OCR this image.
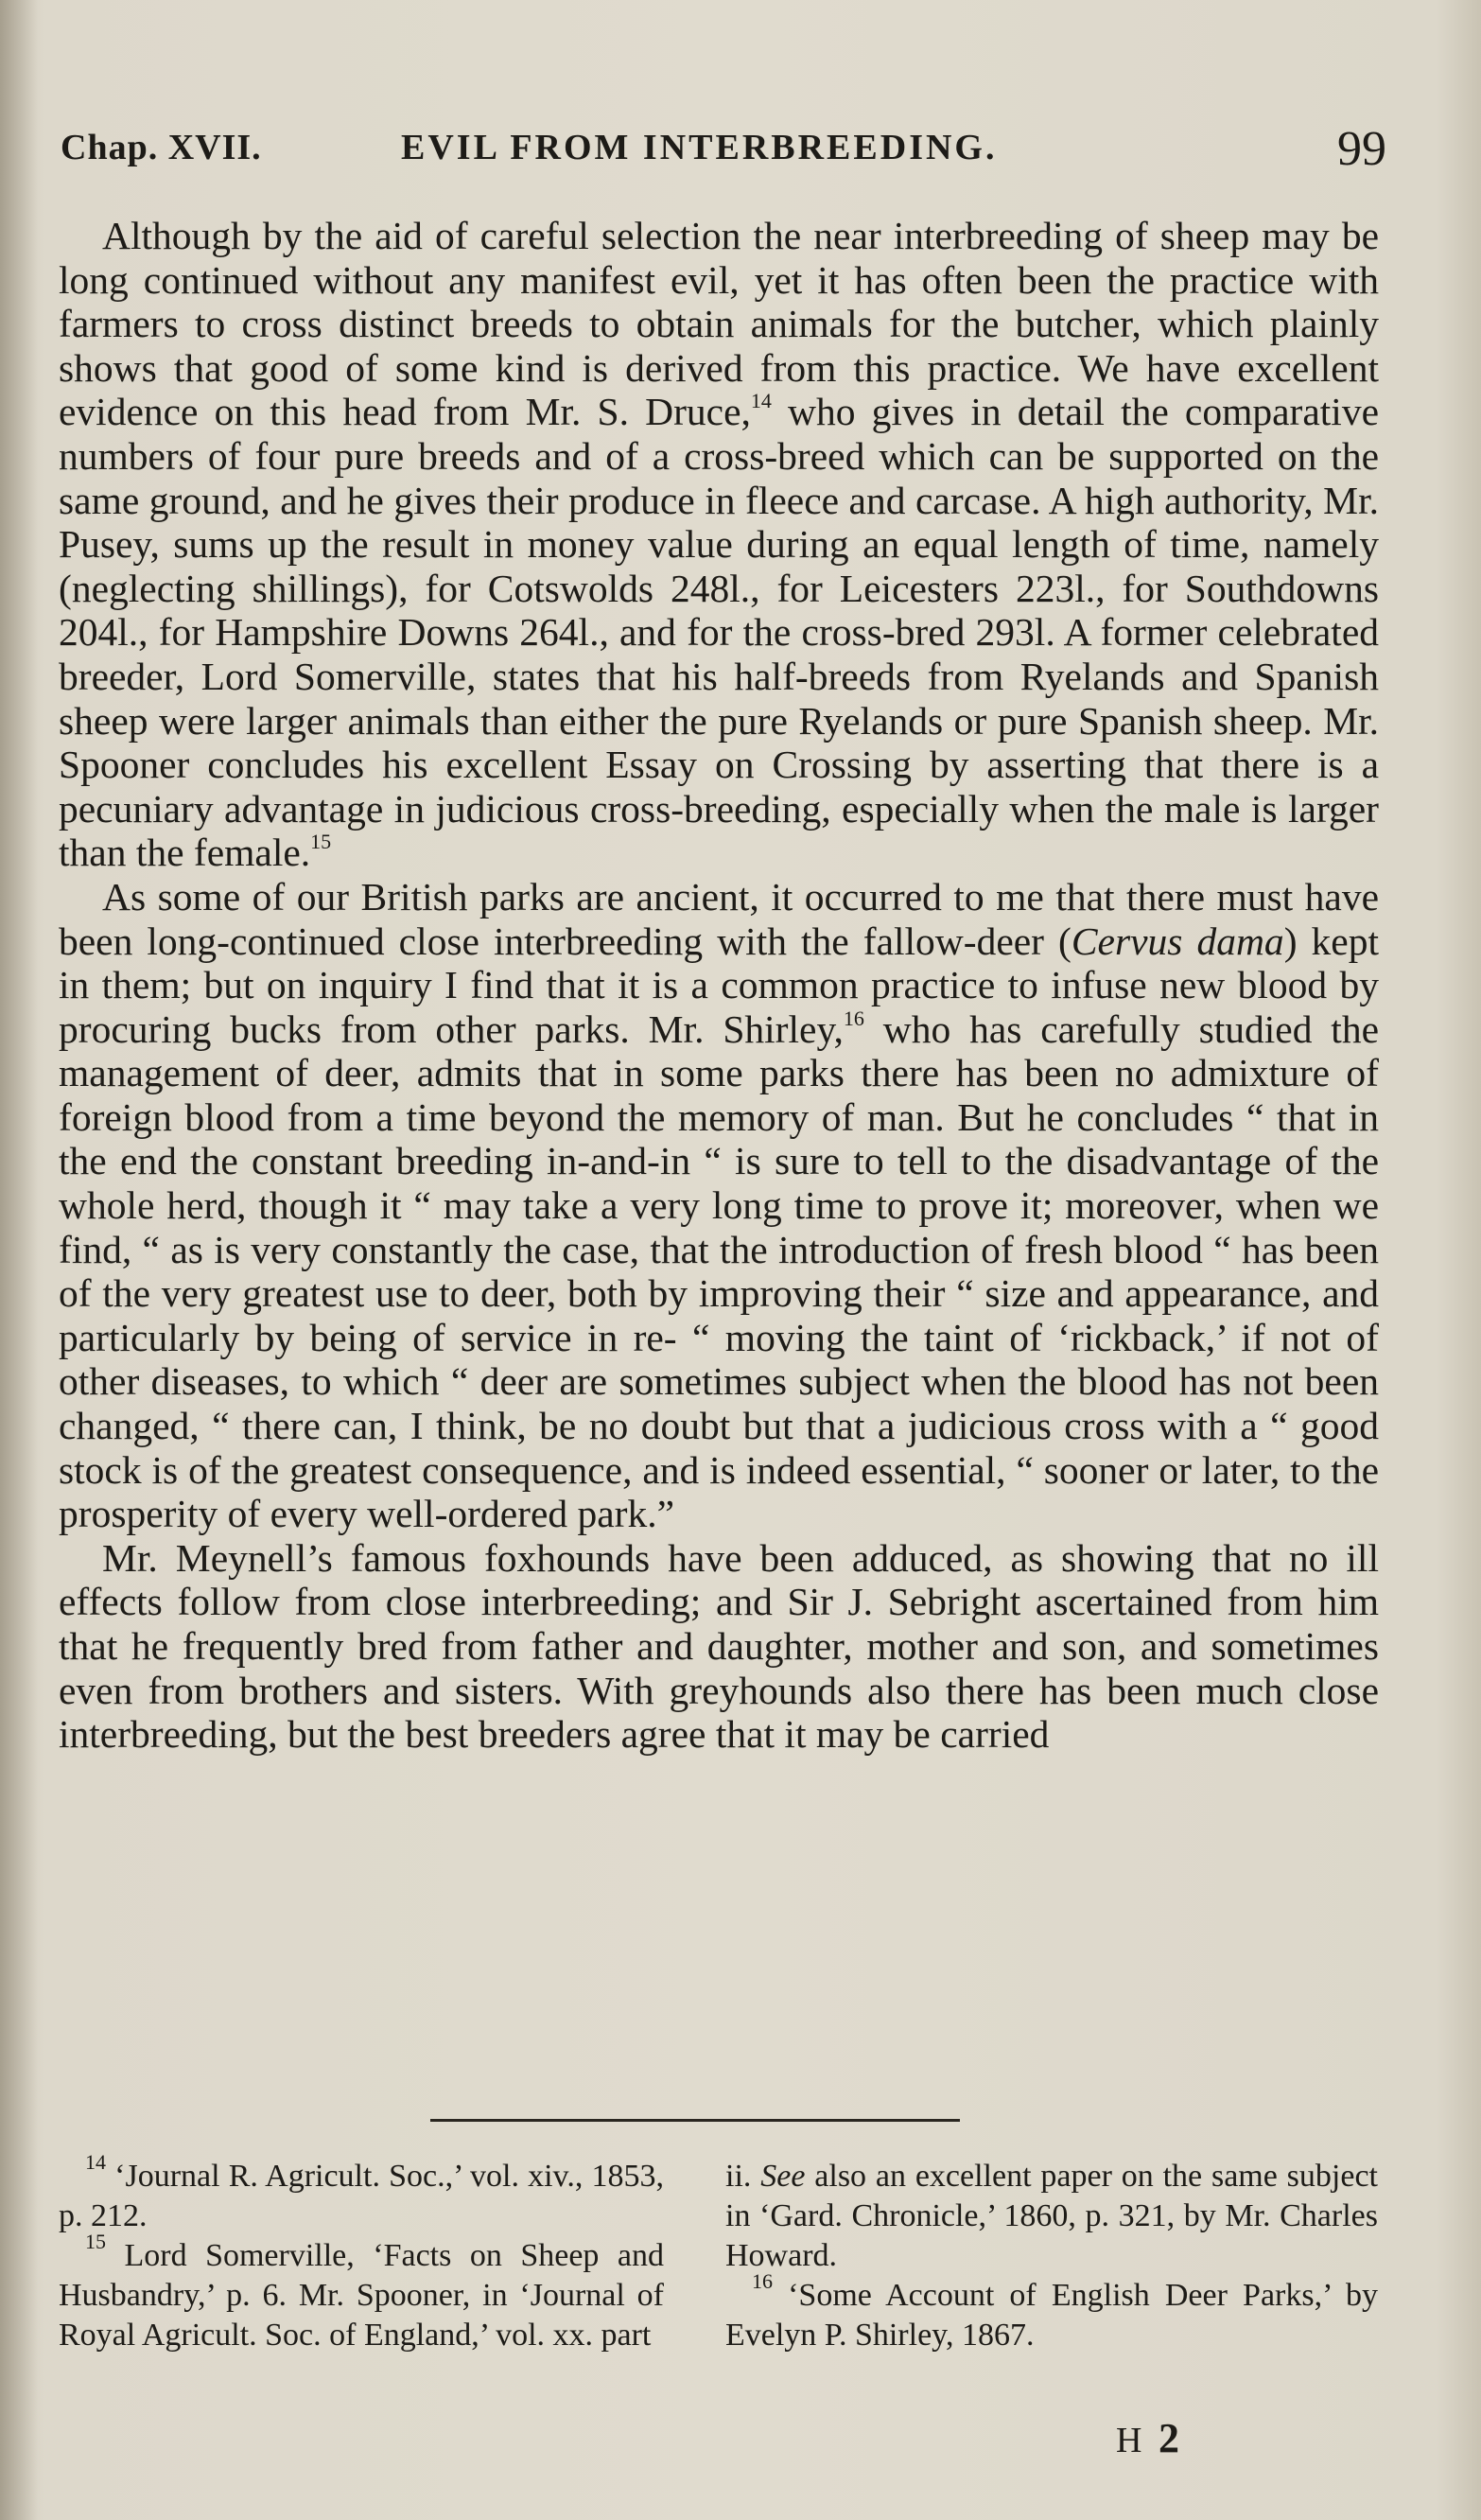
Chap. XVII.	EVIL FROM INTERBREEDING.	99

Although by the aid of careful selection the near interbreeding of sheep may be long continued without any manifest evil, yet it has often been the practice with farmers to cross distinct breeds to obtain animals for the butcher, which plainly shows that good of some kind is derived from this practice. We have excellent evidence on this head from Mr. S. Druce,$^{14}$ who gives in detail the comparative numbers of four pure breeds and of a cross-breed which can be supported on the same ground, and he gives their produce in fleece and carcase. A high authority, Mr. Pusey, sums up the result in money value during an equal length of time, namely (neglecting shillings), for Cotswolds 248l., for Leicesters 223l., for Southdowns 204l., for Hampshire Downs 264l., and for the cross-bred 293l. A former celebrated breeder, Lord Somerville, states that his half-breeds from Ryelands and Spanish sheep were larger animals than either the pure Ryelands or pure Spanish sheep. Mr. Spooner concludes his excellent Essay on Crossing by asserting that there is a pecuniary advantage in judicious cross-breeding, especially when the male is larger than the female.$^{15}$

As some of our British parks are ancient, it occurred to me that there must have been long-continued close interbreeding with the fallow-deer (Cervus dama) kept in them; but on inquiry I find that it is a common practice to infuse new blood by procuring bucks from other parks. Mr. Shirley,$^{16}$ who has carefully studied the management of deer, admits that in some parks there has been no admixture of foreign blood from a time beyond the memory of man. But he concludes “ that in the end the constant breeding in-and-in “ is sure to tell to the disadvantage of the whole herd, though it “ may take a very long time to prove it; moreover, when we find, “ as is very constantly the case, that the introduction of fresh blood “ has been of the very greatest use to deer, both by improving their “ size and appearance, and particularly by being of service in re- “ moving the taint of ‘rickback,’ if not of other diseases, to which “ deer are sometimes subject when the blood has not been changed, “ there can, I think, be no doubt but that a judicious cross with a “ good stock is of the greatest consequence, and is indeed essential, “ sooner or later, to the prosperity of every well-ordered park.”

Mr. Meynell’s famous foxhounds have been adduced, as showing that no ill effects follow from close interbreeding; and Sir J. Sebright ascertained from him that he frequently bred from father and daughter, mother and son, and sometimes even from brothers and sisters. With greyhounds also there has been much close interbreeding, but the best breeders agree that it may be carried

$^{14}$ ‘Journal R. Agricult. Soc.,’ vol. xiv., 1853, p. 212.

$^{15}$ Lord Somerville, ‘Facts on Sheep and Husbandry,’ p. 6. Mr. Spooner, in ‘Journal of Royal Agricult. Soc. of England,’ vol. xx. part

ii. See also an excellent paper on the same subject in ‘Gard. Chronicle,’ 1860, p. 321, by Mr. Charles Howard.

$^{16}$ ‘Some Account of English Deer Parks,’ by Evelyn P. Shirley, 1867.

H 2
